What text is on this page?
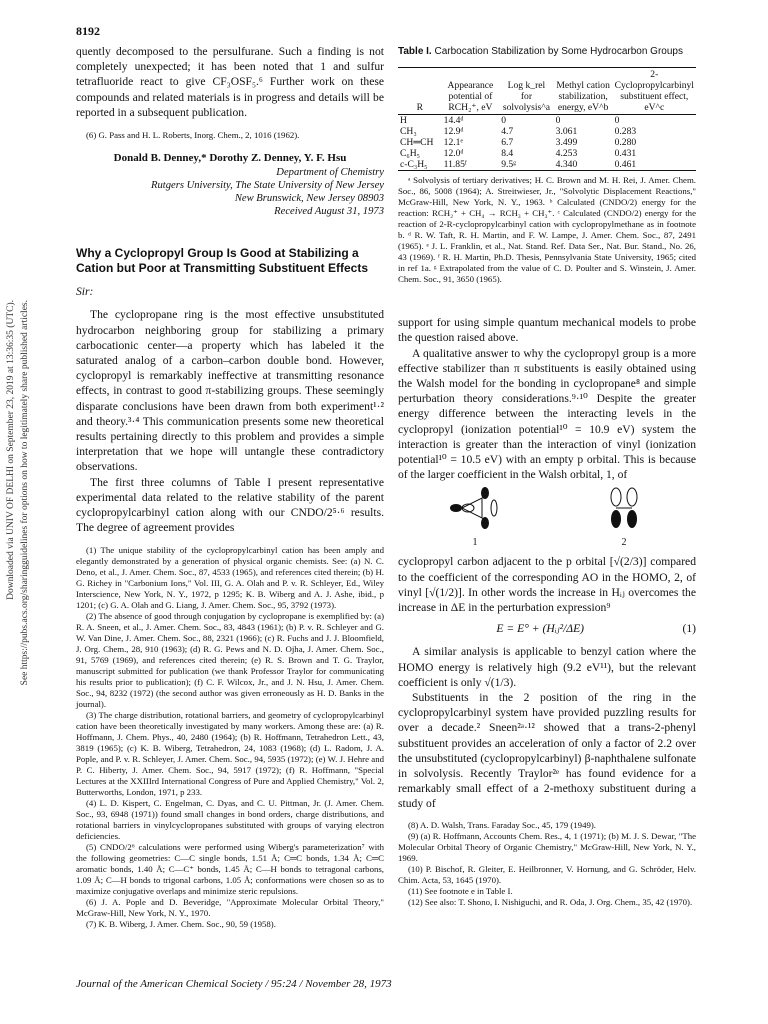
8192
Downloaded via UNIV OF DELHI on September 23, 2019 at 13:36:35 (UTC). See https://pubs.acs.org/sharingguidelines for options on how to legitimately share published articles.

quently decomposed to the persulfurane. Such a finding is not completely unexpected; it has been noted that 1 and sulfur tetrafluoride react to give CF₃OSF₅.⁶ Further work on these compounds and related materials is in progress and details will be reported in a subsequent publication.

(6) G. Pass and H. L. Roberts, Inorg. Chem., 2, 1016 (1962).

Donald B. Denney,* Dorothy Z. Denney, Y. F. Hsu
Department of Chemistry
Rutgers University, The State University of New Jersey
New Brunswick, New Jersey 08903
Received August 31, 1973
Why a Cyclopropyl Group Is Good at Stabilizing a Cation but Poor at Transmitting Substituent Effects
Sir:

The cyclopropane ring is the most effective unsubstituted hydrocarbon neighboring group for stabilizing a primary carbocationic center—a property which has labeled it the saturated analog of a carbon–carbon double bond. However, cyclopropyl is remarkably ineffective at transmitting resonance effects, in contrast to good π-stabilizing groups. These seemingly disparate conclusions have been drawn from both experiment¹·² and theory.³·⁴ This communication presents some new theoretical results pertaining directly to this problem and provides a simple interpretation that we hope will untangle these contradictory observations.

The first three columns of Table I present representative experimental data related to the relative stability of the parent cyclopropylcarbinyl cation along with our CNDO/2⁵·⁶ results. The degree of agreement provides

(1) The unique stability of the cyclopropylcarbinyl cation has been amply and elegantly demonstrated by a generation of physical organic chemists. See: (a) N. C. Deno, et al., J. Amer. Chem. Soc., 87, 4533 (1965), and references cited therein; (b) H. G. Richey in "Carbonium Ions," Vol. III, G. A. Olah and P. v. R. Schleyer, Ed., Wiley Interscience, New York, N. Y., 1972, p 1295; K. B. Wiberg and A. J. Ashe, ibid., p 1201; (c) G. A. Olah and G. Liang, J. Amer. Chem. Soc., 95, 3792 (1973).

(2) The absence of good through conjugation by cyclopropane is exemplified by: (a) R. A. Sneen, et al., J. Amer. Chem. Soc., 83, 4843 (1961); (b) P. v. R. Schleyer and G. W. Van Dine, J. Amer. Chem. Soc., 88, 2321 (1966); (c) R. Fuchs and J. J. Bloomfield, J. Org. Chem., 28, 910 (1963); (d) R. G. Pews and N. D. Ojha, J. Amer. Chem. Soc., 91, 5769 (1969), and references cited therein; (e) R. S. Brown and T. G. Traylor, manuscript submitted for publication (we thank Professor Traylor for communicating his results prior to publication); (f) C. F. Wilcox, Jr., and J. N. Hsu, J. Amer. Chem. Soc., 94, 8232 (1972) (the second author was given erroneously as H. D. Banks in the journal).

(3) The charge distribution, rotational barriers, and geometry of cyclopropylcarbinyl cation have been theoretically investigated by many workers. Among these are: (a) R. Hoffmann, J. Chem. Phys., 40, 2480 (1964); (b) R. Hoffmann, Tetrahedron Lett., 43, 3819 (1965); (c) K. B. Wiberg, Tetrahedron, 24, 1083 (1968); (d) L. Radom, J. A. Pople, and P. v. R. Schleyer, J. Amer. Chem. Soc., 94, 5935 (1972); (e) W. J. Hehre and P. C. Hiberty, J. Amer. Chem. Soc., 94, 5917 (1972); (f) R. Hoffmann, "Special Lectures at the XXIIIrd International Congress of Pure and Applied Chemistry," Vol. 2, Butterworths, London, 1971, p 233.

(4) L. D. Kispert, C. Engelman, C. Dyas, and C. U. Pittman, Jr. (J. Amer. Chem. Soc., 93, 6948 (1971)) found small changes in bond orders, charge distributions, and rotational barriers in vinylcyclopropanes substituted with groups of varying electron deficiencies.

(5) CNDO/2⁶ calculations were performed using Wiberg's parameterization⁷ with the following geometries: C—C single bonds, 1.51 Å; C═C bonds, 1.34 Å; C═C aromatic bonds, 1.40 Å; C—C⁺ bonds, 1.45 Å; C—H bonds to tetragonal carbons, 1.09 Å; C—H bonds to trigonal carbons, 1.05 Å; conformations were chosen so as to maximize conjugative overlaps and minimize steric repulsions.

(6) J. A. Pople and D. Beveridge, "Approximate Molecular Orbital Theory," McGraw-Hill, New York, N. Y., 1970.

(7) K. B. Wiberg, J. Amer. Chem. Soc., 90, 59 (1958).

Table I. Carbocation Stabilization by Some Hydrocarbon Groups
R	Appearance potential of RCH₂⁺, eV	Log k_rel for solvolysis^a	Methyl cation stabilization, energy, eV^b	2-Cyclopropylcarbinyl substituent effect, eV^c
H	14.4ᵈ	0	0	0
CH₃	12.9ᵈ	4.7	3.061	0.283
CH═CH	12.1ᵉ	6.7	3.499	0.280
C₆H₅	12.0ᵈ	8.4	4.253	0.431
c-C₃H₅	11.85ᶠ	9.5ᵍ	4.340	0.461
ᵃ Solvolysis of tertiary derivatives; H. C. Brown and M. H. Rei, J. Amer. Chem. Soc., 86, 5008 (1964); A. Streitwieser, Jr., "Solvolytic Displacement Reactions," McGraw-Hill, New York, N. Y., 1963. ᵇ Calculated (CNDO/2) energy for the reaction: RCH₂⁺ + CH₄ → RCH₃ + CH₃⁺. ᶜ Calculated (CNDO/2) energy for the reaction of 2-R-cyclopropylcarbinyl cation with cyclopropylmethane as in footnote b. ᵈ R. W. Taft, R. H. Martin, and F. W. Lampe, J. Amer. Chem. Soc., 87, 2491 (1965). ᵉ J. L. Franklin, et al., Nat. Stand. Ref. Data Ser., Nat. Bur. Stand., No. 26, 43 (1969). ᶠ R. H. Martin, Ph.D. Thesis, Pennsylvania State University, 1965; cited in ref 1a. ᵍ Extrapolated from the value of C. D. Poulter and S. Winstein, J. Amer. Chem. Soc., 91, 3650 (1965).

support for using simple quantum mechanical models to probe the question raised above.

A qualitative answer to why the cyclopropyl group is a more effective stabilizer than π substituents is easily obtained using the Walsh model for the bonding in cyclopropane⁸ and simple perturbation theory considerations.⁹·¹⁰ Despite the greater energy difference between the interacting levels in the cyclopropyl (ionization potential¹⁰ = 10.9 eV) system the interaction is greater than the interaction of vinyl (ionization potential¹⁰ = 10.5 eV) with an empty p orbital. This is because of the larger coefficient in the Walsh orbital, 1, of

1	2

cyclopropyl carbon adjacent to the p orbital [√(2/3)] compared to the coefficient of the corresponding AO in the HOMO, 2, of vinyl [√(1/2)]. In other words the increase in Hᵢⱼ overcomes the increase in ΔE in the perturbation expression⁹

E = E° + (Hᵢⱼ²/ΔE)	(1)

A similar analysis is applicable to benzyl cation where the HOMO energy is relatively high (9.2 eV¹¹), but the relevant coefficient is only √(1/3).

Substituents in the 2 position of the ring in the cyclopropylcarbinyl system have provided puzzling results for over a decade.² Sneen²ᵃ·¹² showed that a trans-2-phenyl substituent provides an acceleration of only a factor of 2.2 over the unsubstituted (cyclopropylcarbinyl) β-naphthalene sulfonate in solvolysis. Recently Traylor²ᵉ has found evidence for a remarkably small effect of a 2-methoxy substituent during a study of

(8) A. D. Walsh, Trans. Faraday Soc., 45, 179 (1949).

(9) (a) R. Hoffmann, Accounts Chem. Res., 4, 1 (1971); (b) M. J. S. Dewar, "The Molecular Orbital Theory of Organic Chemistry," McGraw-Hill, New York, N. Y., 1969.

(10) P. Bischof, R. Gleiter, E. Heilbronner, V. Hornung, and G. Schröder, Helv. Chim. Acta, 53, 1645 (1970).

(11) See footnote e in Table I.

(12) See also: T. Shono, I. Nishiguchi, and R. Oda, J. Org. Chem., 35, 42 (1970).

Journal of the American Chemical Society / 95:24 / November 28, 1973
